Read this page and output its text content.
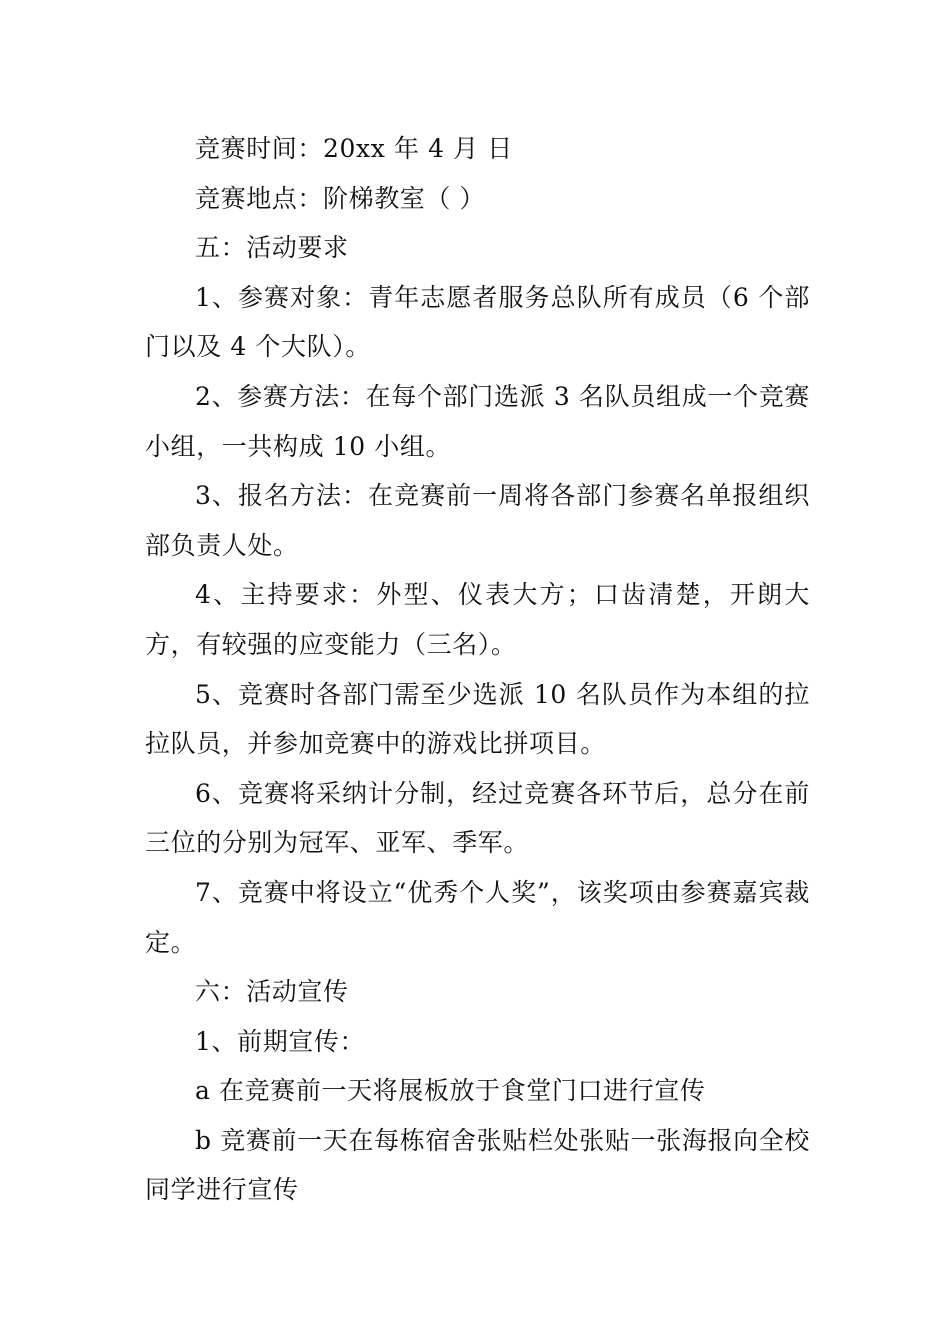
竞赛时间：20xx 年 4 月 日

竞赛地点：阶梯教室（ ）

五：活动要求

1、参赛对象：青年志愿者服务总队所有成员（6 个部门以及 4 个大队）。

2、参赛方法：在每个部门选派 3 名队员组成一个竞赛小组，一共构成 10 小组。

3、报名方法：在竞赛前一周将各部门参赛名单报组织部负责人处。

4、主持要求：外型、仪表大方；口齿清楚，开朗大方，有较强的应变能力（三名）。

5、竞赛时各部门需至少选派 10 名队员作为本组的拉拉队员，并参加竞赛中的游戏比拼项目。

6、竞赛将采纳计分制，经过竞赛各环节后，总分在前三位的分别为冠军、亚军、季军。

7、竞赛中将设立“优秀个人奖”，该奖项由参赛嘉宾裁定。

六：活动宣传

1、前期宣传：

a 在竞赛前一天将展板放于食堂门口进行宣传

b 竞赛前一天在每栋宿舍张贴栏处张贴一张海报向全校同学进行宣传
